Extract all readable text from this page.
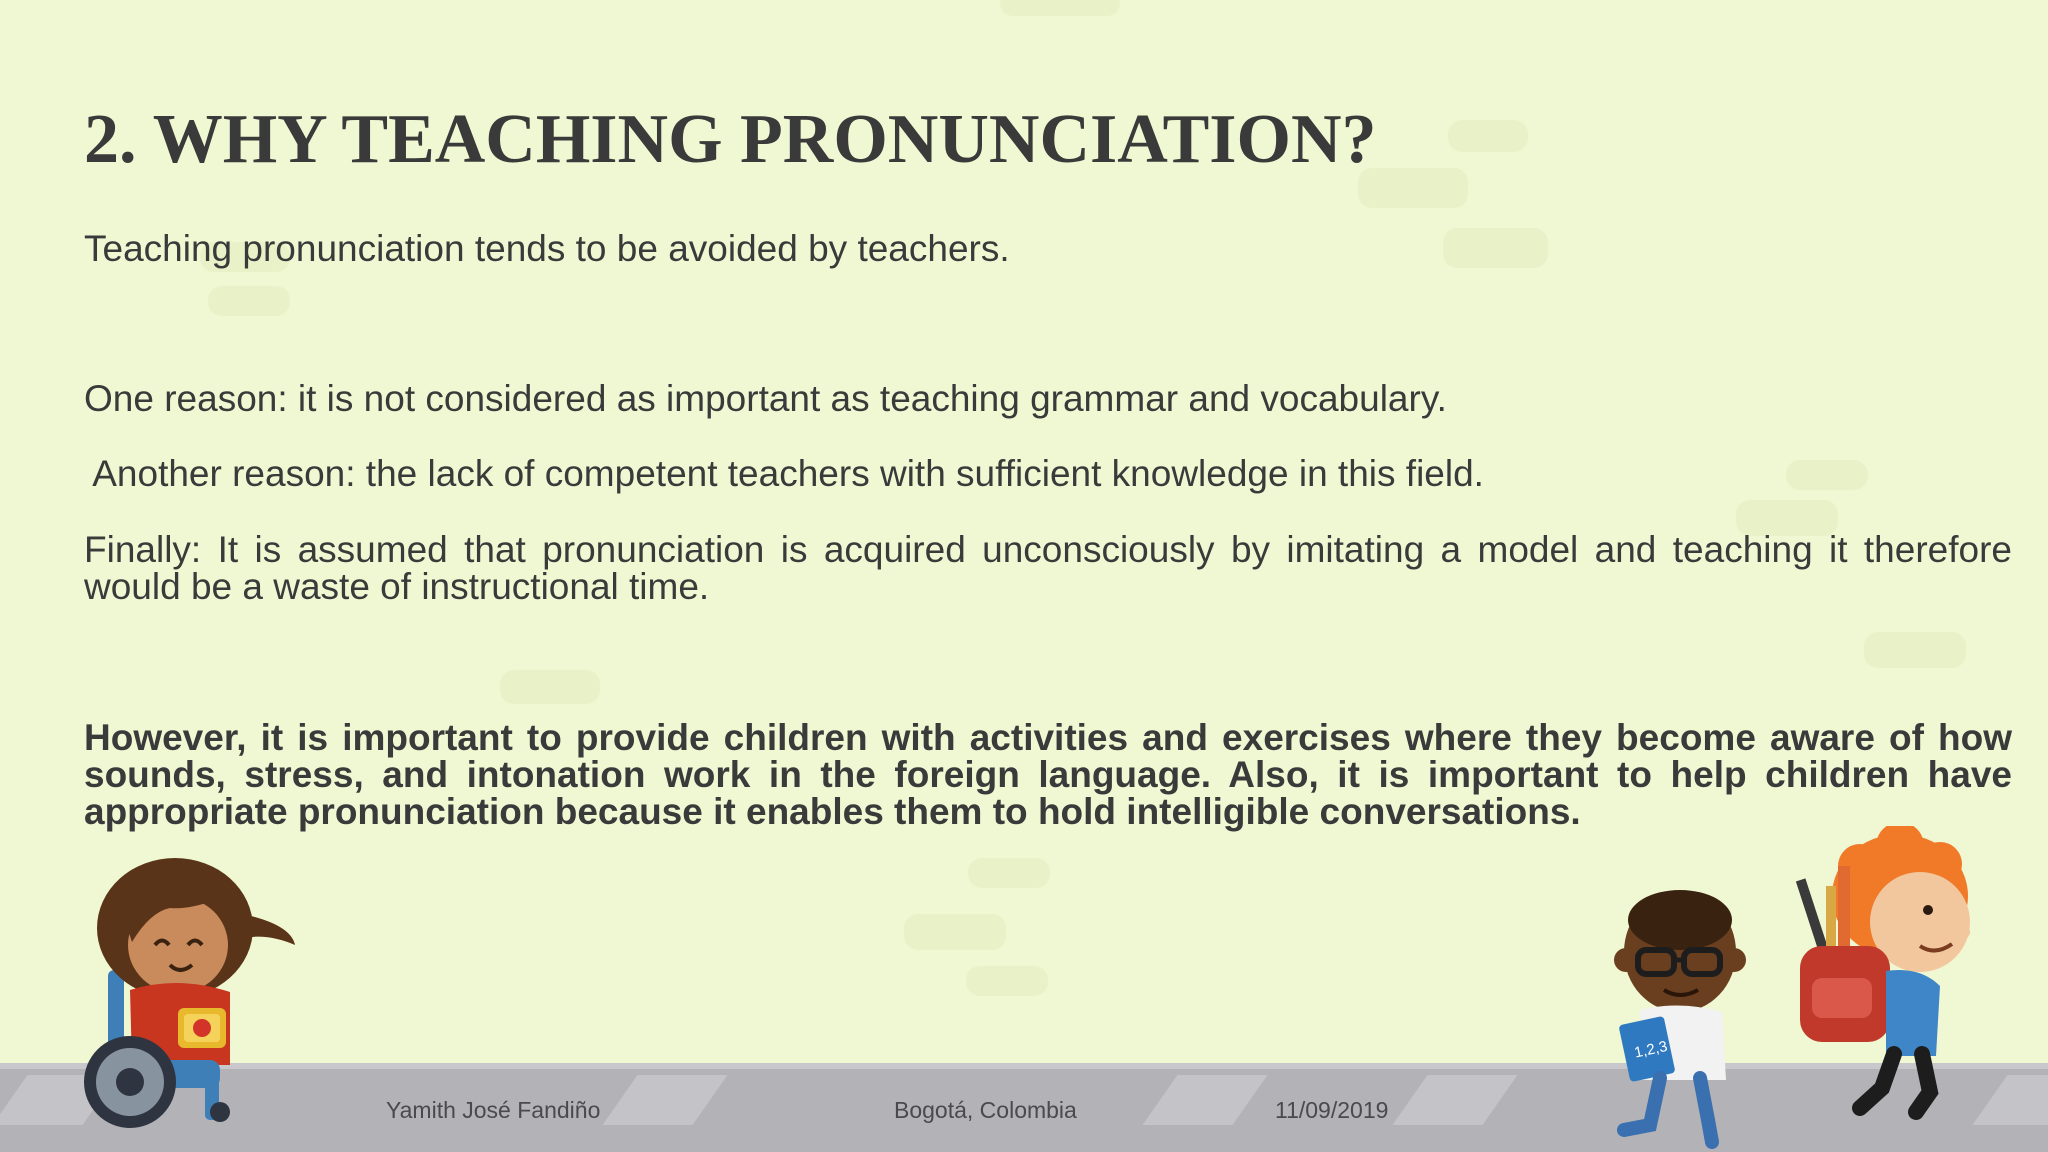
2. WHY TEACHING PRONUNCIATION?

Teaching pronunciation tends to be avoided by teachers.

One reason: it is not considered as important as teaching grammar and vocabulary.

Another reason: the lack of competent teachers with sufficient knowledge in this field.

Finally: It is assumed that pronunciation is acquired unconsciously by imitating a model and teaching it therefore would be a waste of instructional time.

However, it is important to provide children with activities and exercises where they become aware of how sounds, stress, and intonation work in the foreign language. Also, it is important to help children have appropriate pronunciation because it enables them to hold intelligible conversations.

Yamith José Fandiño	Bogotá, Colombia	11/09/2019
1,2,3
